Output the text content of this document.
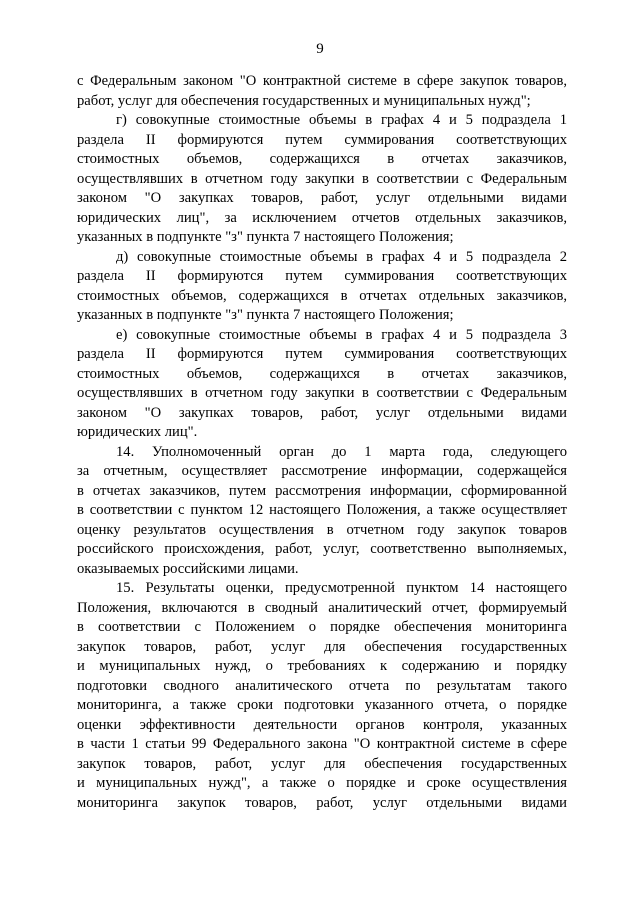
9
с Федеральным законом "О контрактной системе в сфере закупок товаров,
работ, услуг для обеспечения государственных и муниципальных нужд";
г) совокупные стоимостные объемы в графах 4 и 5 подраздела 1
раздела II формируются путем суммирования соответствующих
стоимостных объемов, содержащихся в отчетах заказчиков,
осуществлявших в отчетном году закупки в соответствии с Федеральным
законом "О закупках товаров, работ, услуг отдельными видами
юридических лиц", за исключением отчетов отдельных заказчиков,
указанных в подпункте "з" пункта 7 настоящего Положения;
д) совокупные стоимостные объемы в графах 4 и 5 подраздела 2
раздела II формируются путем суммирования соответствующих
стоимостных объемов, содержащихся в отчетах отдельных заказчиков,
указанных в подпункте "з" пункта 7 настоящего Положения;
е) совокупные стоимостные объемы в графах 4 и 5 подраздела 3
раздела II формируются путем суммирования соответствующих
стоимостных объемов, содержащихся в отчетах заказчиков,
осуществлявших в отчетном году закупки в соответствии с Федеральным
законом "О закупках товаров, работ, услуг отдельными видами
юридических лиц".
14. Уполномоченный орган до 1 марта года, следующего
за отчетным, осуществляет рассмотрение информации, содержащейся
в отчетах заказчиков, путем рассмотрения информации, сформированной
в соответствии с пунктом 12 настоящего Положения, а также осуществляет
оценку результатов осуществления в отчетном году закупок товаров
российского происхождения, работ, услуг, соответственно выполняемых,
оказываемых российскими лицами.
15. Результаты оценки, предусмотренной пунктом 14 настоящего
Положения, включаются в сводный аналитический отчет, формируемый
в соответствии с Положением о порядке обеспечения мониторинга
закупок товаров, работ, услуг для обеспечения государственных
и муниципальных нужд, о требованиях к содержанию и порядку
подготовки сводного аналитического отчета по результатам такого
мониторинга, а также сроки подготовки указанного отчета, о порядке
оценки эффективности деятельности органов контроля, указанных
в части 1 статьи 99 Федерального закона "О контрактной системе в сфере
закупок товаров, работ, услуг для обеспечения государственных
и муниципальных нужд", а также о порядке и сроке осуществления
мониторинга закупок товаров, работ, услуг отдельными видами
